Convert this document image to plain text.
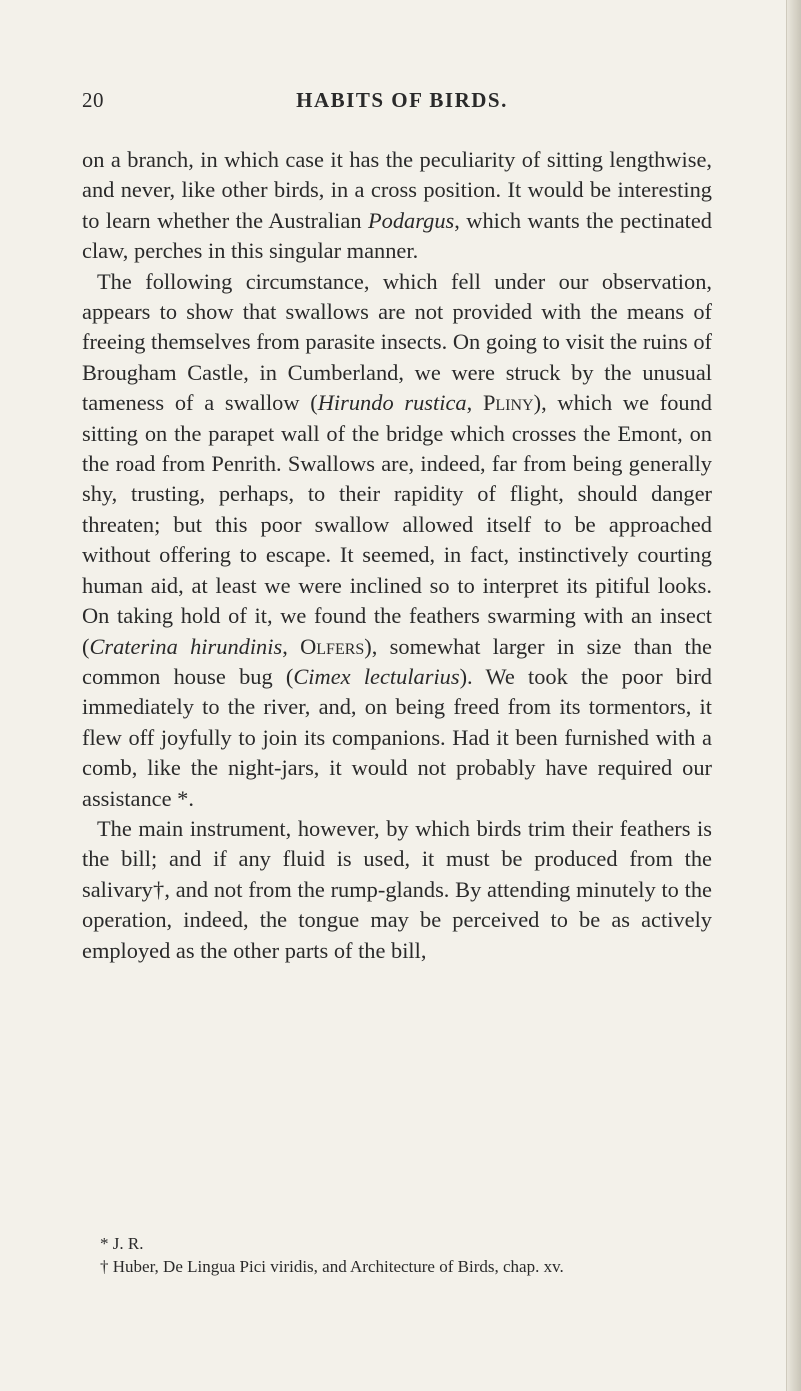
20	HABITS OF BIRDS.

on a branch, in which case it has the peculiarity of sitting lengthwise, and never, like other birds, in a cross position. It would be interesting to learn whether the Australian Podargus, which wants the pectinated claw, perches in this singular manner.

The following circumstance, which fell under our observation, appears to show that swallows are not provided with the means of freeing themselves from parasite insects. On going to visit the ruins of Brougham Castle, in Cumberland, we were struck by the unusual tameness of a swallow (Hirundo rustica, Pliny), which we found sitting on the parapet wall of the bridge which crosses the Emont, on the road from Penrith. Swallows are, indeed, far from being generally shy, trusting, perhaps, to their rapidity of flight, should danger threaten; but this poor swallow allowed itself to be approached without offering to escape. It seemed, in fact, instinctively courting human aid, at least we were inclined so to interpret its pitiful looks. On taking hold of it, we found the feathers swarming with an insect (Craterina hirundinis, Olfers), somewhat larger in size than the common house bug (Cimex lectularius). We took the poor bird immediately to the river, and, on being freed from its tormentors, it flew off joyfully to join its companions. Had it been furnished with a comb, like the night-jars, it would not probably have required our assistance *.

The main instrument, however, by which birds trim their feathers is the bill; and if any fluid is used, it must be produced from the salivary†, and not from the rump-glands. By attending minutely to the operation, indeed, the tongue may be perceived to be as actively employed as the other parts of the bill,

* J. R.

† Huber, De Lingua Pici viridis, and Architecture of Birds, chap. xv.
